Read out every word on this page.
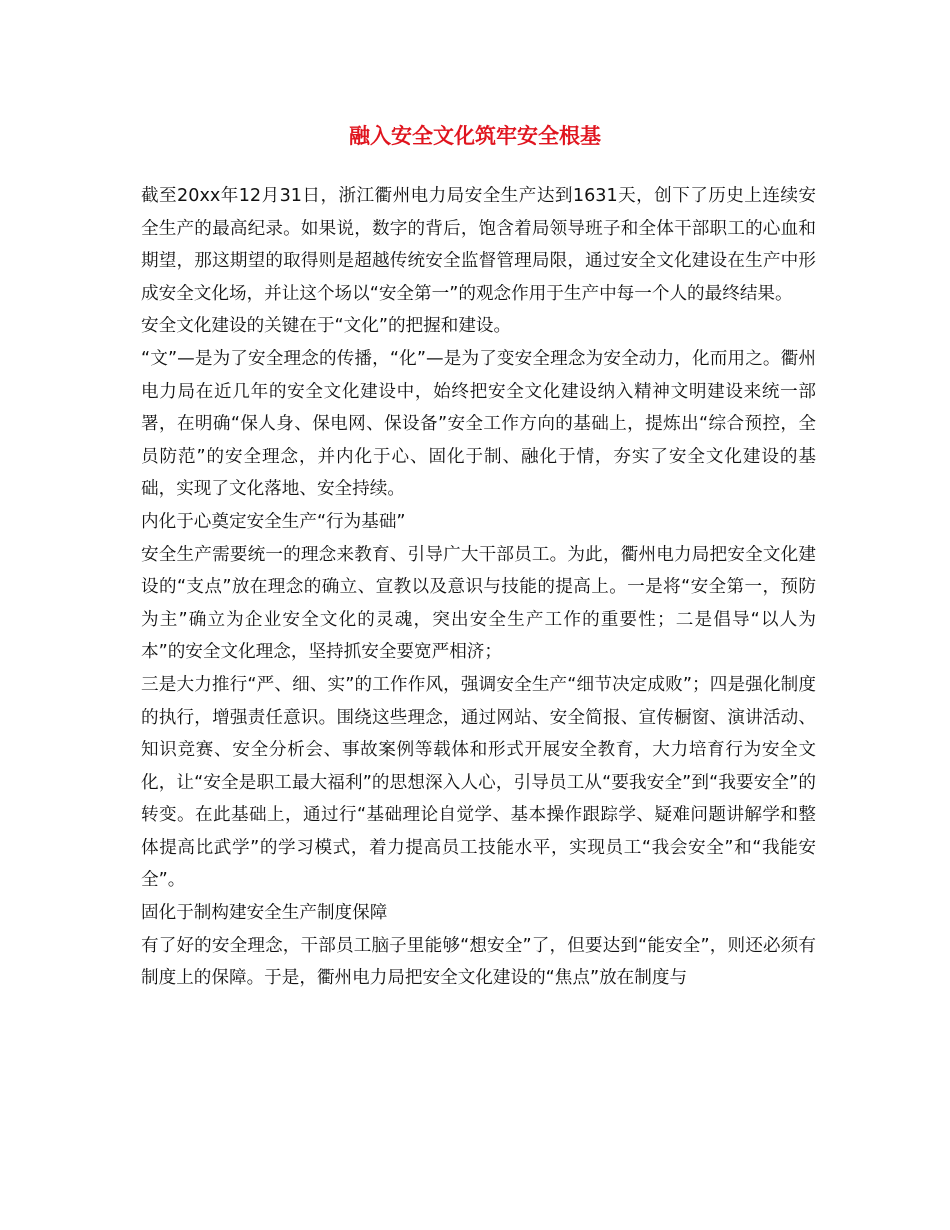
融入安全文化筑牢安全根基

截至20xx年12月31日，浙江衢州电力局安全生产达到1631天，创下了历史上连续安全生产的最高纪录。如果说，数字的背后，饱含着局领导班子和全体干部职工的心血和期望，那这期望的取得则是超越传统安全监督管理局限，通过安全文化建设在生产中形成安全文化场，并让这个场以“安全第一”的观念作用于生产中每一个人的最终结果。

安全文化建设的关键在于“文化”的把握和建设。

“文”—是为了安全理念的传播，“化”—是为了变安全理念为安全动力，化而用之。衢州电力局在近几年的安全文化建设中，始终把安全文化建设纳入精神文明建设来统一部署，在明确“保人身、保电网、保设备”安全工作方向的基础上，提炼出“综合预控，全员防范”的安全理念，并内化于心、固化于制、融化于情，夯实了安全文化建设的基础，实现了文化落地、安全持续。

内化于心奠定安全生产“行为基础”

安全生产需要统一的理念来教育、引导广大干部员工。为此，衢州电力局把安全文化建设的“支点”放在理念的确立、宣教以及意识与技能的提高上。一是将“安全第一，预防为主”确立为企业安全文化的灵魂，突出安全生产工作的重要性；二是倡导“以人为本”的安全文化理念，坚持抓安全要宽严相济；

三是大力推行“严、细、实”的工作作风，强调安全生产“细节决定成败”；四是强化制度的执行，增强责任意识。围绕这些理念，通过网站、安全简报、宣传橱窗、演讲活动、知识竞赛、安全分析会、事故案例等载体和形式开展安全教育，大力培育行为安全文化，让“安全是职工最大福利”的思想深入人心，引导员工从“要我安全”到“我要安全”的转变。在此基础上，通过行“基础理论自觉学、基本操作跟踪学、疑难问题讲解学和整体提高比武学”的学习模式，着力提高员工技能水平，实现员工“我会安全”和“我能安全”。

固化于制构建安全生产制度保障

有了好的安全理念，干部员工脑子里能够“想安全”了，但要达到“能安全”，则还必须有制度上的保障。于是，衢州电力局把安全文化建设的“焦点”放在制度与
